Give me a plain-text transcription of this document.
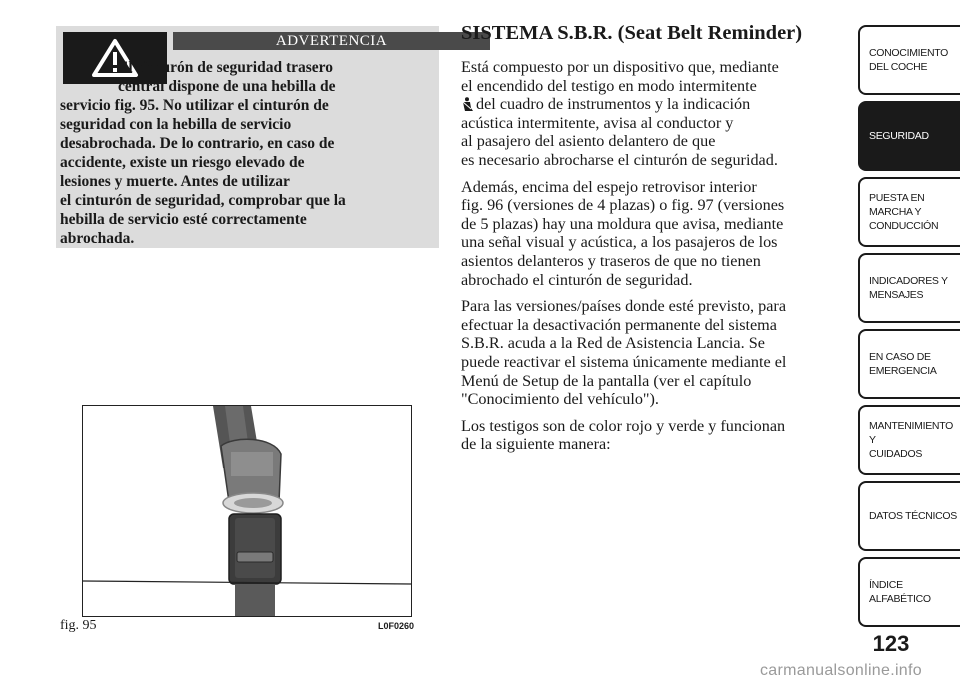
ADVERTENCIA
El cinturón de seguridad trasero
central dispone de una hebilla de
servicio fig. 95. No utilizar el cinturón de
seguridad con la hebilla de servicio
desabrochada. De lo contrario, en caso de
accidente, existe un riesgo elevado de
lesiones y muerte. Antes de utilizar
el cinturón de seguridad, comprobar que la
hebilla de servicio esté correctamente
abrochada.
fig. 95	L0F0260
SISTEMA S.B.R. (Seat Belt Reminder)

Está compuesto por un dispositivo que, mediante
el encendido del testigo en modo intermitente
del cuadro de instrumentos y la indicación
acústica intermitente, avisa al conductor y
al pasajero del asiento delantero de que
es necesario abrocharse el cinturón de seguridad.

Además, encima del espejo retrovisor interior
fig. 96 (versiones de 4 plazas) o fig. 97 (versiones
de 5 plazas) hay una moldura que avisa, mediante
una señal visual y acústica, a los pasajeros de los
asientos delanteros y traseros de que no tienen
abrochado el cinturón de seguridad.

Para las versiones/países donde esté previsto, para
efectuar la desactivación permanente del sistema
S.B.R. acuda a la Red de Asistencia Lancia. Se
puede reactivar el sistema únicamente mediante el
Menú de Setup de la pantalla (ver el capítulo
"Conocimiento del vehículo").

Los testigos son de color rojo y verde y funcionan
de la siguiente manera:

CONOCIMIENTO
DEL COCHE
SEGURIDAD
PUESTA EN
MARCHA Y
CONDUCCIÓN
INDICADORES Y
MENSAJES
EN CASO DE
EMERGENCIA
MANTENIMIENTO Y
CUIDADOS
DATOS TÉCNICOS
ÍNDICE
ALFABÉTICO
123
carmanualsonline.info
